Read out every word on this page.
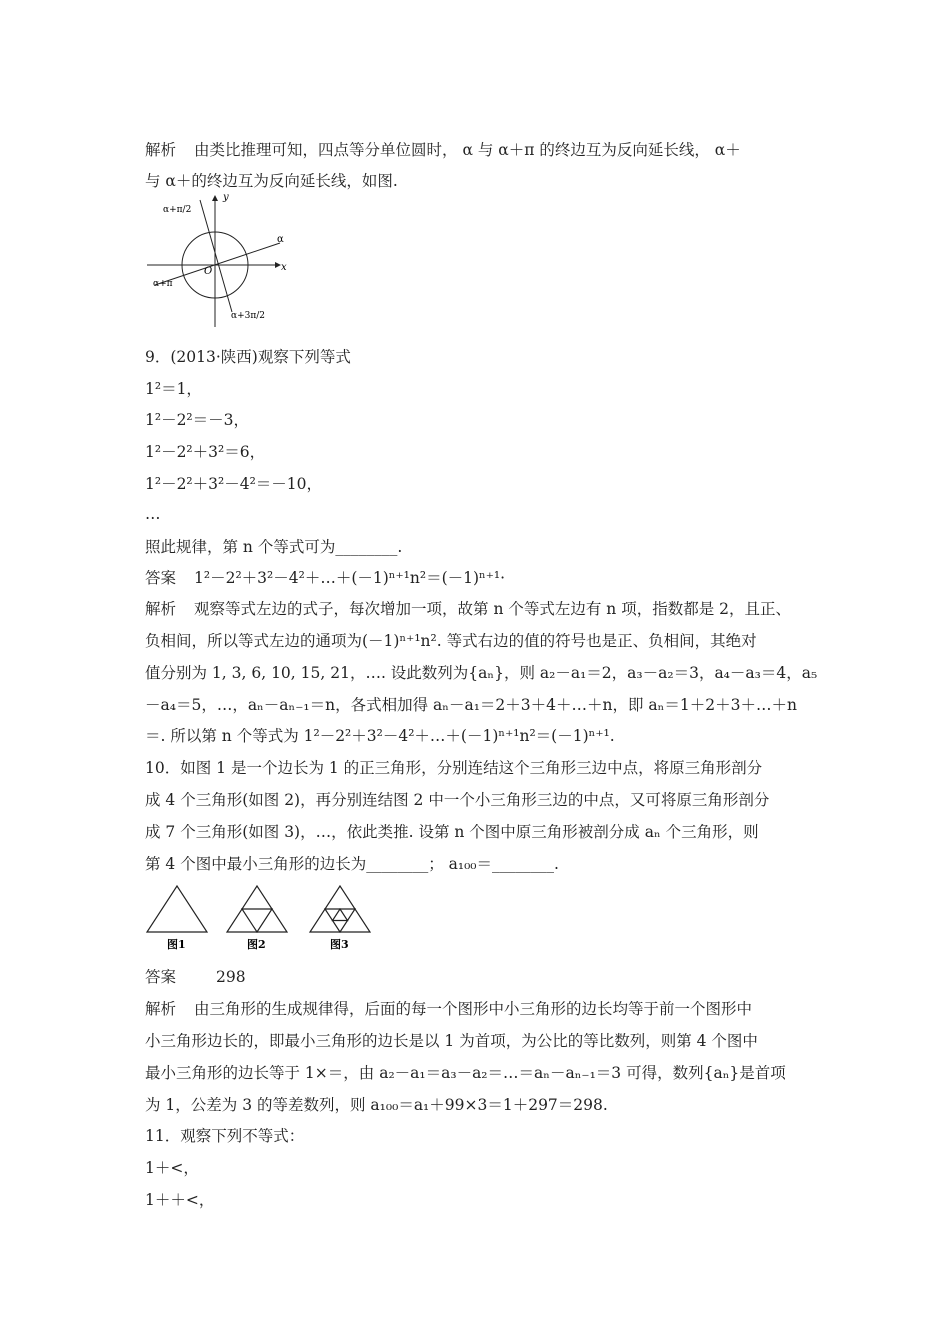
解析 由类比推理可知，四点等分单位圆时， α 与 α＋π 的终边互为反向延长线， α＋
与 α＋的终边互为反向延长线，如图.
y
x
O
α
α+π/2
α+π
α+3π/2
9．(2013·陕西)观察下列等式
1²＝1，
1²－2²＝－3，
1²－2²＋3²＝6，
1²－2²＋3²－4²＝－10，
…
照此规律，第 n 个等式可为________.
答案 1²－2²＋3²－4²＋…＋(－1)ⁿ⁺¹n²＝(－1)ⁿ⁺¹·
解析 观察等式左边的式子，每次增加一项，故第 n 个等式左边有 n 项，指数都是 2，且正、
负相间，所以等式左边的通项为(－1)ⁿ⁺¹n². 等式右边的值的符号也是正、负相间，其绝对
值分别为 1, 3, 6, 10, 15, 21，…. 设此数列为{aₙ}，则 a₂－a₁＝2，a₃－a₂＝3，a₄－a₃＝4，a₅
－a₄＝5，…，aₙ－aₙ₋₁＝n，各式相加得 aₙ－a₁＝2＋3＋4＋…＋n，即 aₙ＝1＋2＋3＋…＋n
＝. 所以第 n 个等式为 1²－2²＋3²－4²＋…＋(－1)ⁿ⁺¹n²＝(－1)ⁿ⁺¹.
10．如图 1 是一个边长为 1 的正三角形，分别连结这个三角形三边中点，将原三角形剖分
成 4 个三角形(如图 2)，再分别连结图 2 中一个小三角形三边的中点，又可将原三角形剖分
成 7 个三角形(如图 3)，…，依此类推. 设第 n 个图中原三角形被剖分成 aₙ 个三角形，则
第 4 个图中最小三角形的边长为________； a₁₀₀＝________.
图1	图2	图3
答案	298
解析 由三角形的生成规律得，后面的每一个图形中小三角形的边长均等于前一个图形中
小三角形边长的，即最小三角形的边长是以 1 为首项，为公比的等比数列，则第 4 个图中
最小三角形的边长等于 1×＝，由 a₂－a₁＝a₃－a₂＝…＝aₙ－aₙ₋₁＝3 可得，数列{aₙ}是首项
为 1，公差为 3 的等差数列，则 a₁₀₀＝a₁＋99×3＝1＋297＝298.
11．观察下列不等式：
1＋<，
1＋＋<，
